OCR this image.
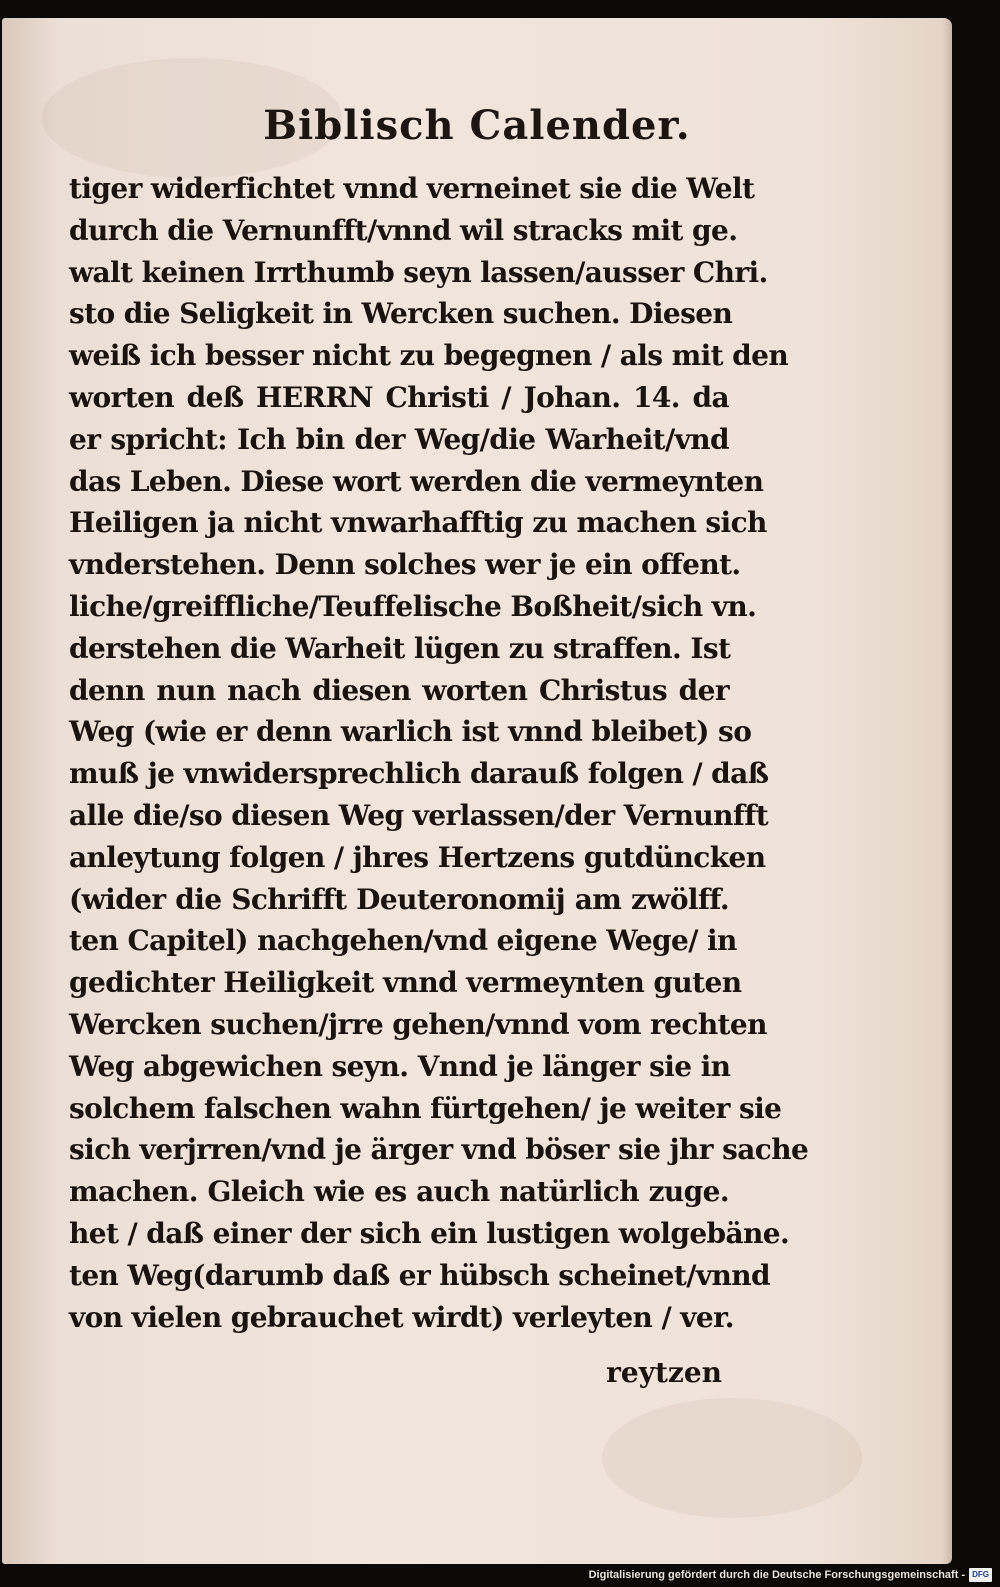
Biblisch Calender.
tiger widerfichtet vnnd verneinet sie die Welt
durch die Vernunfft/vnnd wil stracks mit ge.
walt keinen Irrthumb seyn lassen/ausser Chri.
sto die Seligkeit in Wercken suchen. Diesen
weiß ich besser nicht zu begegnen / als mit den
worten deß HERRN Christi / Johan. 14. da
er spricht: Ich bin der Weg/die Warheit/vnd
das Leben. Diese wort werden die vermeynten
Heiligen ja nicht vnwarhafftig zu machen sich
vnderstehen. Denn solches wer je ein offent.
liche/greiffliche/Teuffelische Boßheit/sich vn.
derstehen die Warheit lügen zu straffen. Ist
denn nun nach diesen worten Christus der
Weg (wie er denn warlich ist vnnd bleibet) so
muß je vnwidersprechlich darauß folgen / daß
alle die/so diesen Weg verlassen/der Vernunfft
anleytung folgen / jhres Hertzens gutdüncken
(wider die Schrifft Deuteronomij am zwölff.
ten Capitel) nachgehen/vnd eigene Wege/ in
gedichter Heiligkeit vnnd vermeynten guten
Wercken suchen/jrre gehen/vnnd vom rechten
Weg abgewichen seyn. Vnnd je länger sie in
solchem falschen wahn fürtgehen/ je weiter sie
sich verjrren/vnd je ärger vnd böser sie jhr sache
machen. Gleich wie es auch natürlich zuge.
het / daß einer der sich ein lustigen wolgebäne.
ten Weg(darumb daß er hübsch scheinet/vnnd
von vielen gebrauchet wirdt) verleyten / ver.
reytzen
Digitalisierung gefördert durch die Deutsche Forschungsgemeinschaft - DFG
